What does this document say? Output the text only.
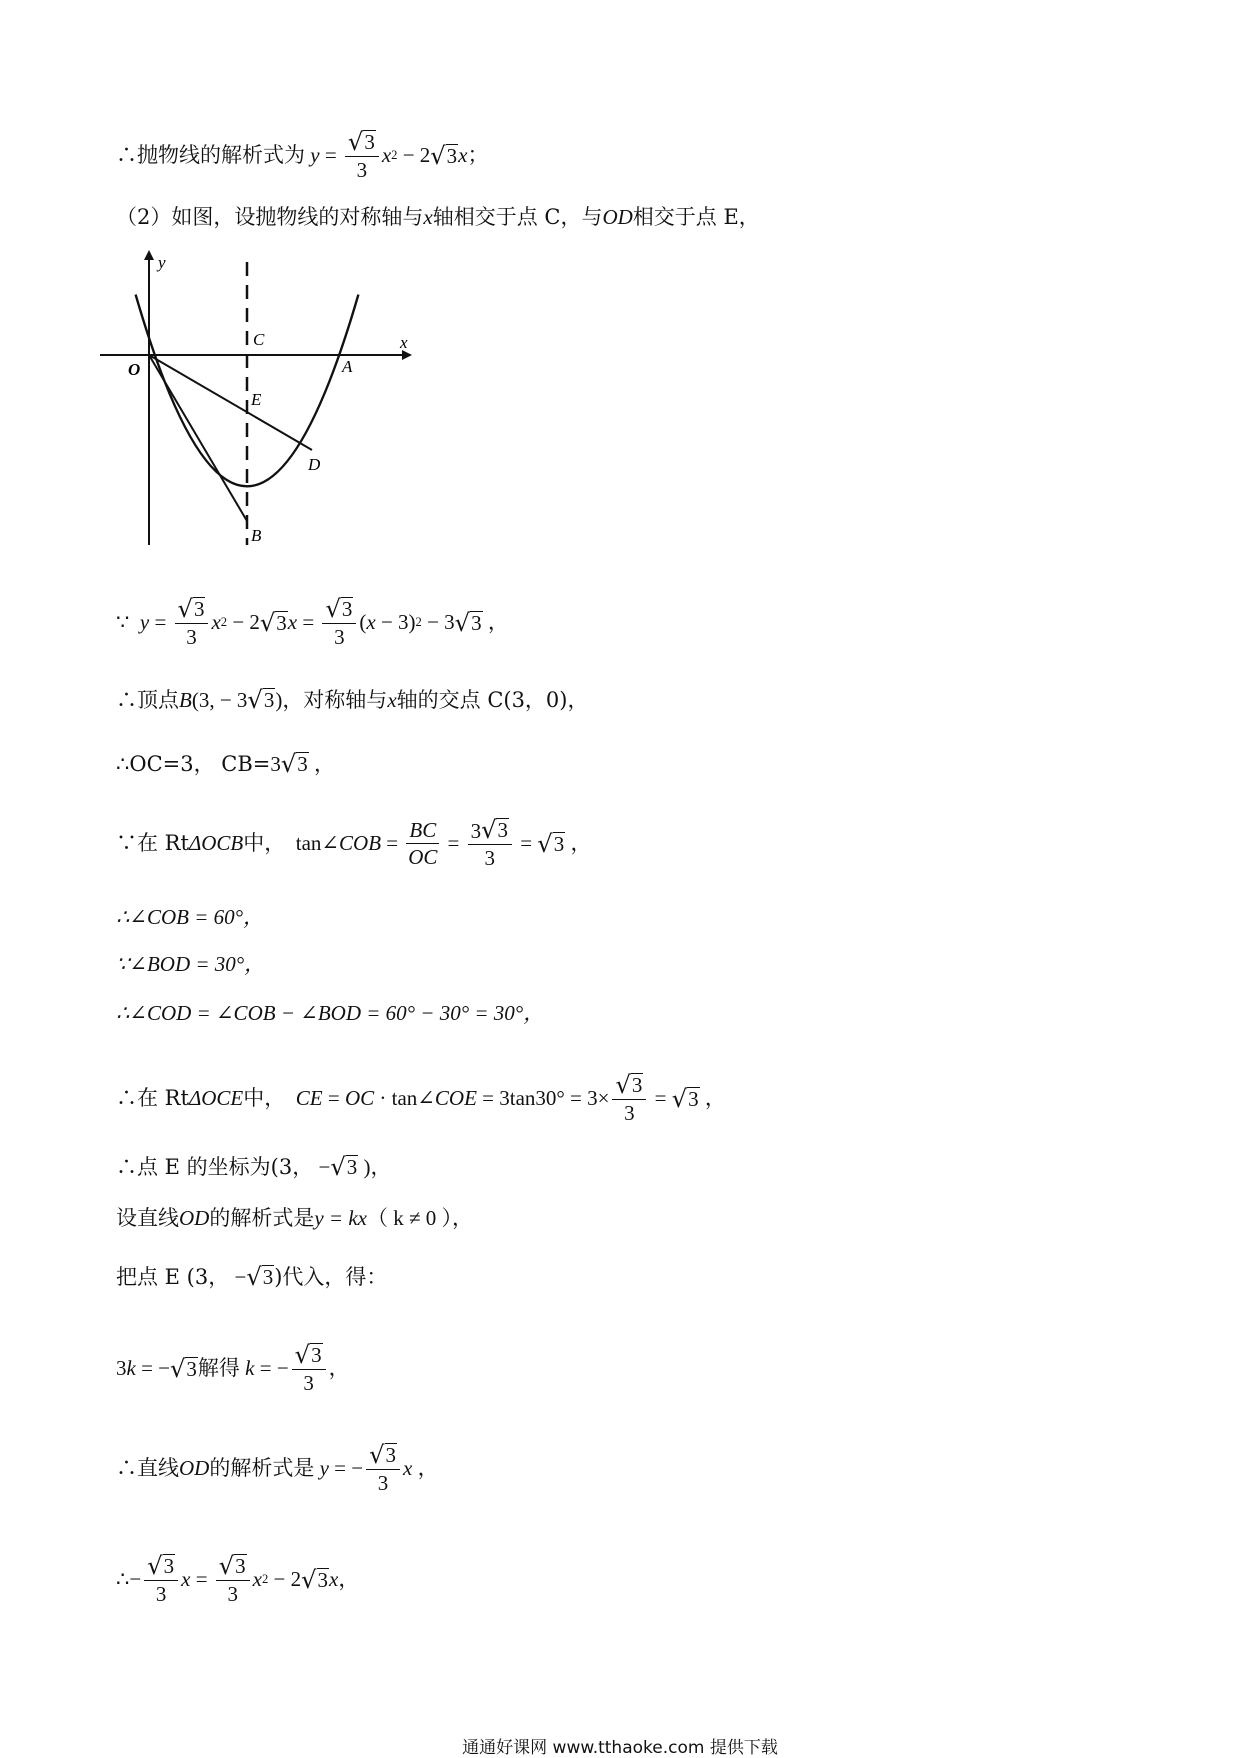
∴抛物线的解析式为 $y = \frac{√ 3}{3}$ x 2 − 2 √ 3 x ；
（2）如图，设抛物线的对称轴与 x 轴相交于点 C，与 OD 相交于点 E，
y
x
O	A
C
E
D
B
∵ $y = \frac{√ 3}{3}$ x 2 − 2 √ 3 $x = \frac{√ 3}{3}$ ( x − 3) 2 − 3 √ 3 ，
∴顶点 B (3, − 3 √ 3 ) ，对称轴与 x 轴的交点 C(3，0)，
∴OC=3， CB= 3 √ 3 ，
∵在 Rt ΔOCB 中， tan∠ COB = $\frac{BC}{OC} = \frac{3 √ 3}{3}$ = √ 3 ，
∴∠COB = 60°，
∵∠BOD = 30°，
∴∠COD = ∠COB − ∠BOD = 60° − 30° = 30°，
∴在 Rt ΔOCE 中， CE = OC · tan∠ COE = $3\tan 30^\circ = 3\times \frac{√ 3}{3}$ = √ 3 ，
∴点 E 的坐标为(3， − √ 3 )，
设直线 OD 的解析式是 y = kx （ k ≠ 0 ），
把点 E (3， − √ 3 )代入，得：
3 k = − √ 3 解得 k = − $\frac{√ 3}{3}$ ，
∴直线 OD 的解析式是 y = − $\frac{√ 3}{3}$ x ，
∴ − $\frac{√ 3}{3}$ $x = \frac{√ 3}{3}$ x 2 − 2 √ 3 x ，
通通好课网 www.tthaoke.com 提供下载
